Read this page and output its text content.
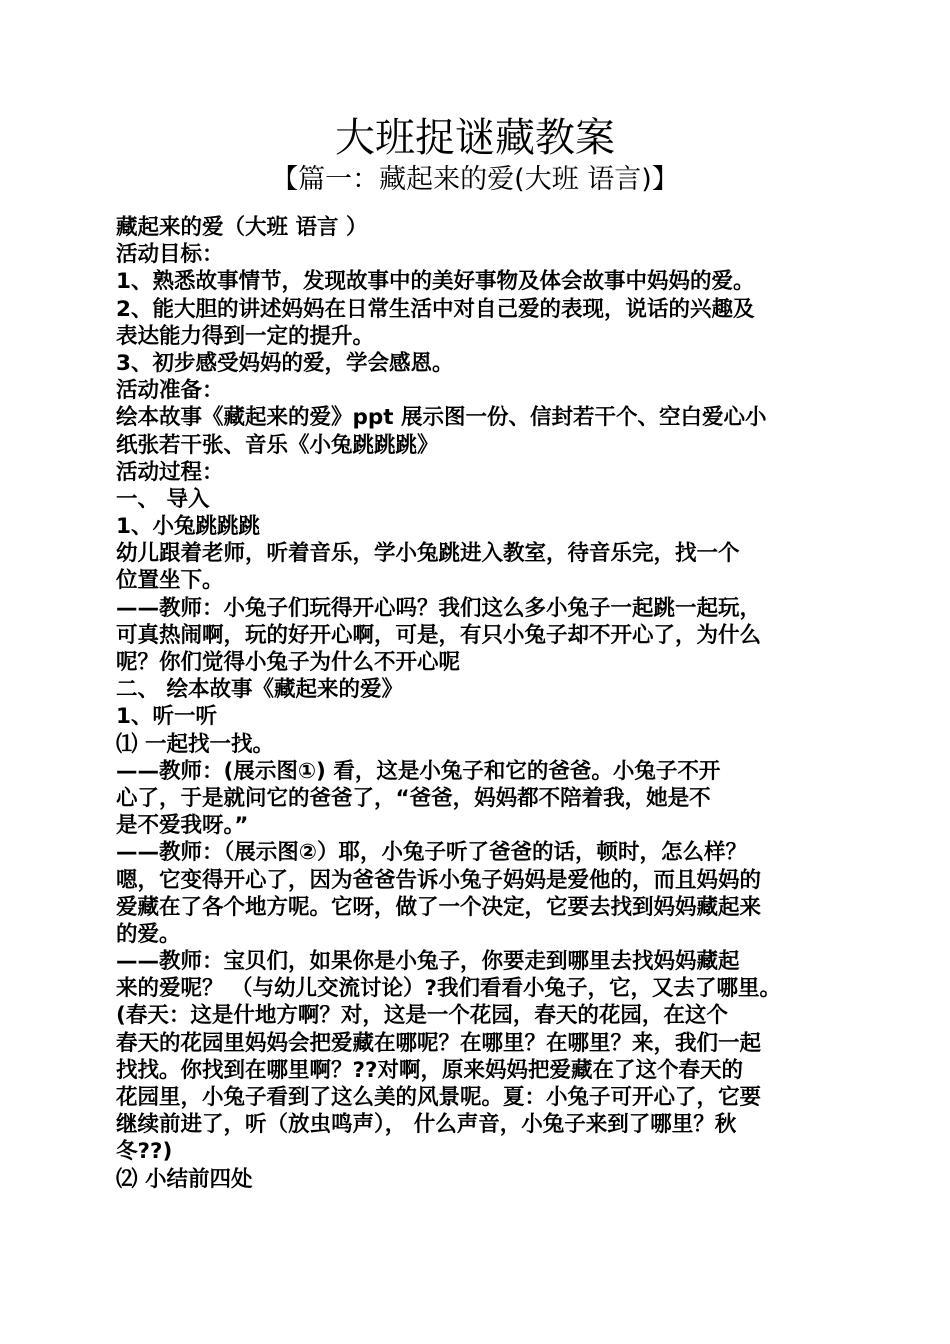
大班捉谜藏教案
【篇一：藏起来的爱(大班 语言)】
藏起来的爱（大班 语言 ）
活动目标：
1、熟悉故事情节，发现故事中的美好事物及体会故事中妈妈的爱。
2、能大胆的讲述妈妈在日常生活中对自己爱的表现，说话的兴趣及
表达能力得到一定的提升。
3、初步感受妈妈的爱，学会感恩。
活动准备：
绘本故事《藏起来的爱》ppt 展示图一份、信封若干个、空白爱心小
纸张若干张、音乐《小兔跳跳跳》
活动过程：
一、 导入
1、小兔跳跳跳
幼儿跟着老师，听着音乐，学小兔跳进入教室，待音乐完，找一个
位置坐下。
——教师：小兔子们玩得开心吗？我们这么多小兔子一起跳一起玩，
可真热闹啊，玩的好开心啊，可是，有只小兔子却不开心了，为什么
呢？你们觉得小兔子为什么不开心呢
二、 绘本故事《藏起来的爱》
1、听一听
⑴ 一起找一找。
——教师：(展示图①) 看，这是小兔子和它的爸爸。小兔子不开
心了，于是就问它的爸爸了，“爸爸，妈妈都不陪着我，她是不
是不爱我呀。”
——教师：（展示图②）耶，小兔子听了爸爸的话，顿时，怎么样？
嗯，它变得开心了，因为爸爸告诉小兔子妈妈是爱他的，而且妈妈的
爱藏在了各个地方呢。它呀，做了一个决定，它要去找到妈妈藏起来
的爱。
——教师：宝贝们，如果你是小兔子，你要走到哪里去找妈妈藏起
来的爱呢？ （与幼儿交流讨论）?我们看看小兔子，它，又去了哪里。
(春天：这是什地方啊？对，这是一个花园，春天的花园，在这个
春天的花园里妈妈会把爱藏在哪呢？在哪里？在哪里？来，我们一起
找找。你找到在哪里啊？??对啊，原来妈妈把爱藏在了这个春天的
花园里，小兔子看到了这么美的风景呢。夏：小兔子可开心了，它要
继续前进了，听（放虫鸣声）， 什么声音，小兔子来到了哪里？秋
冬??)
⑵ 小结前四处
